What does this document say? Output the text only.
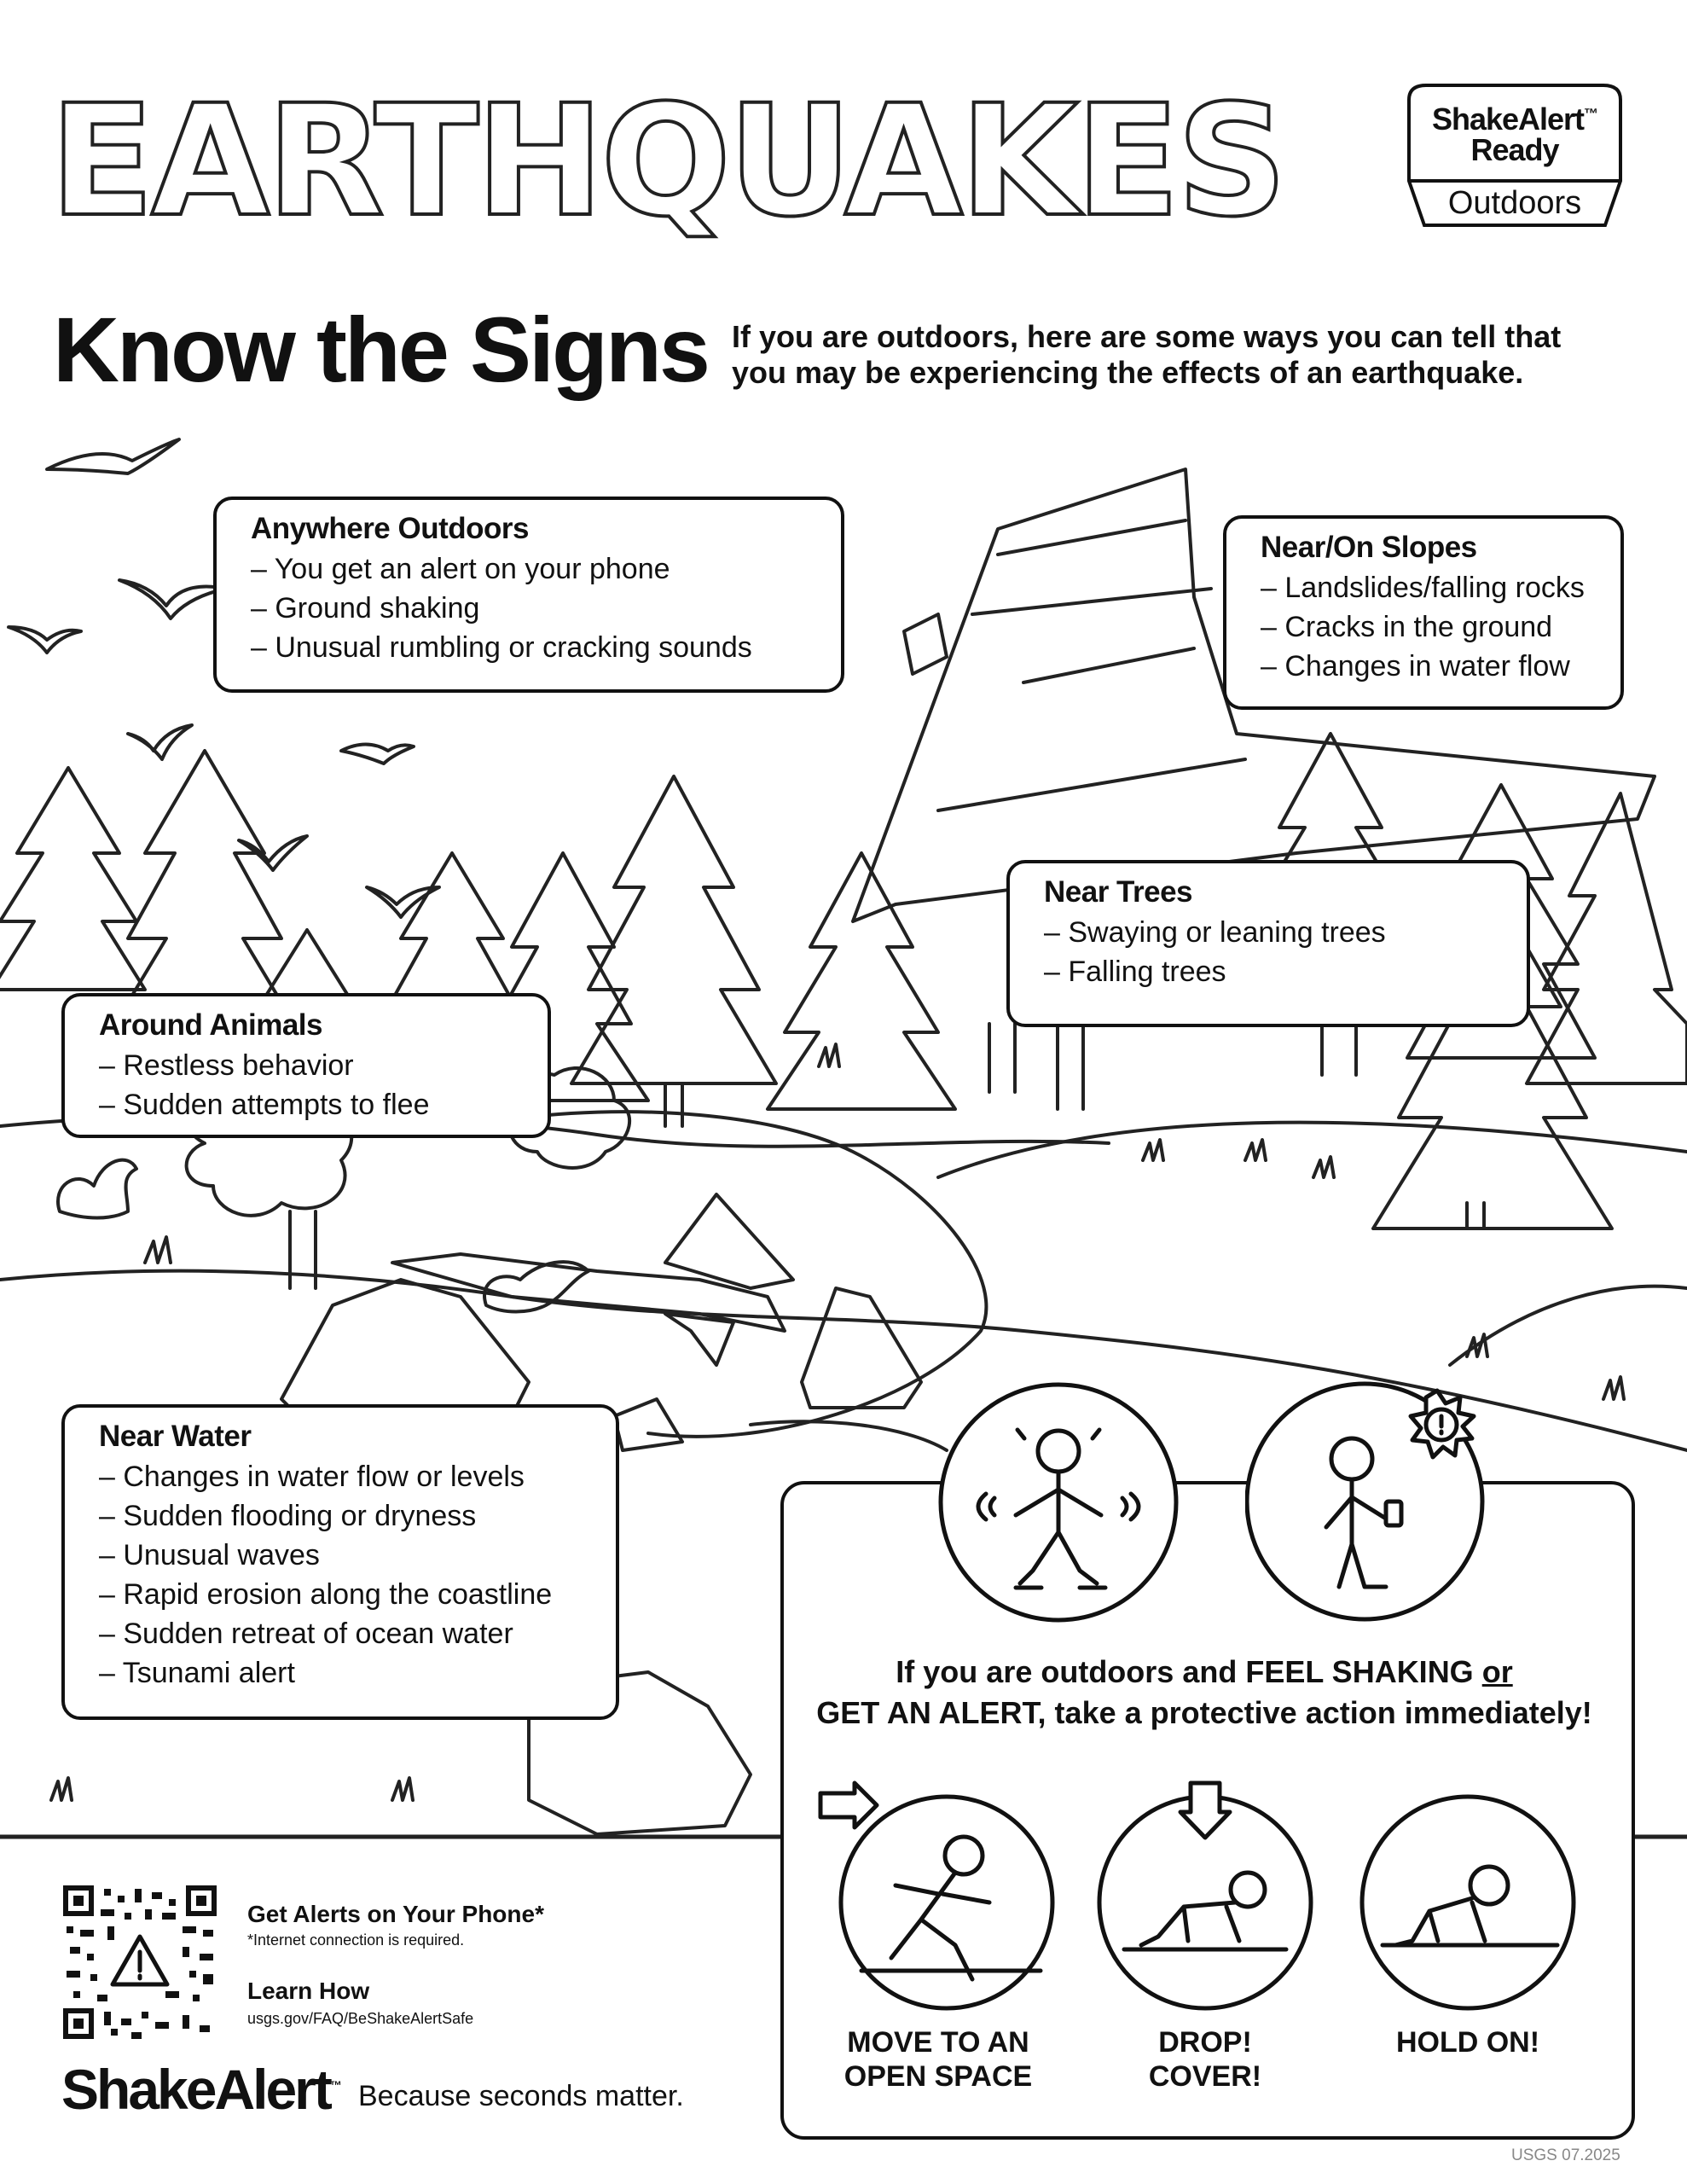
EARTHQUAKES	ShakeAlert™
Ready
Outdoors
Know the Signs If you are outdoors, here are some ways you can tell that you may be experiencing the effects of an earthquake.
Anywhere Outdoors
– You get an alert on your phone
– Ground shaking
– Unusual rumbling or cracking sounds
Near/On Slopes
– Landslides/falling rocks
– Cracks in the ground
– Changes in water flow
Near Trees
– Swaying or leaning trees
– Falling trees
Around Animals
– Restless behavior
– Sudden attempts to flee
Near Water
– Changes in water flow or levels
– Sudden flooding or dryness
– Unusual waves
– Rapid erosion along the coastline
– Sudden retreat of ocean water
– Tsunami alert	If you are outdoors and FEEL SHAKING or
GET AN ALERT, take a protective action immediately!
MOVE TO AN
OPEN SPACE
DROP!
COVER!
HOLD ON!
Get Alerts on Your Phone*
*Internet connection is required.
Learn How
usgs.gov/FAQ/BeShakeAlertSafe
ShakeAlert™ Because seconds matter.
USGS 07.2025
